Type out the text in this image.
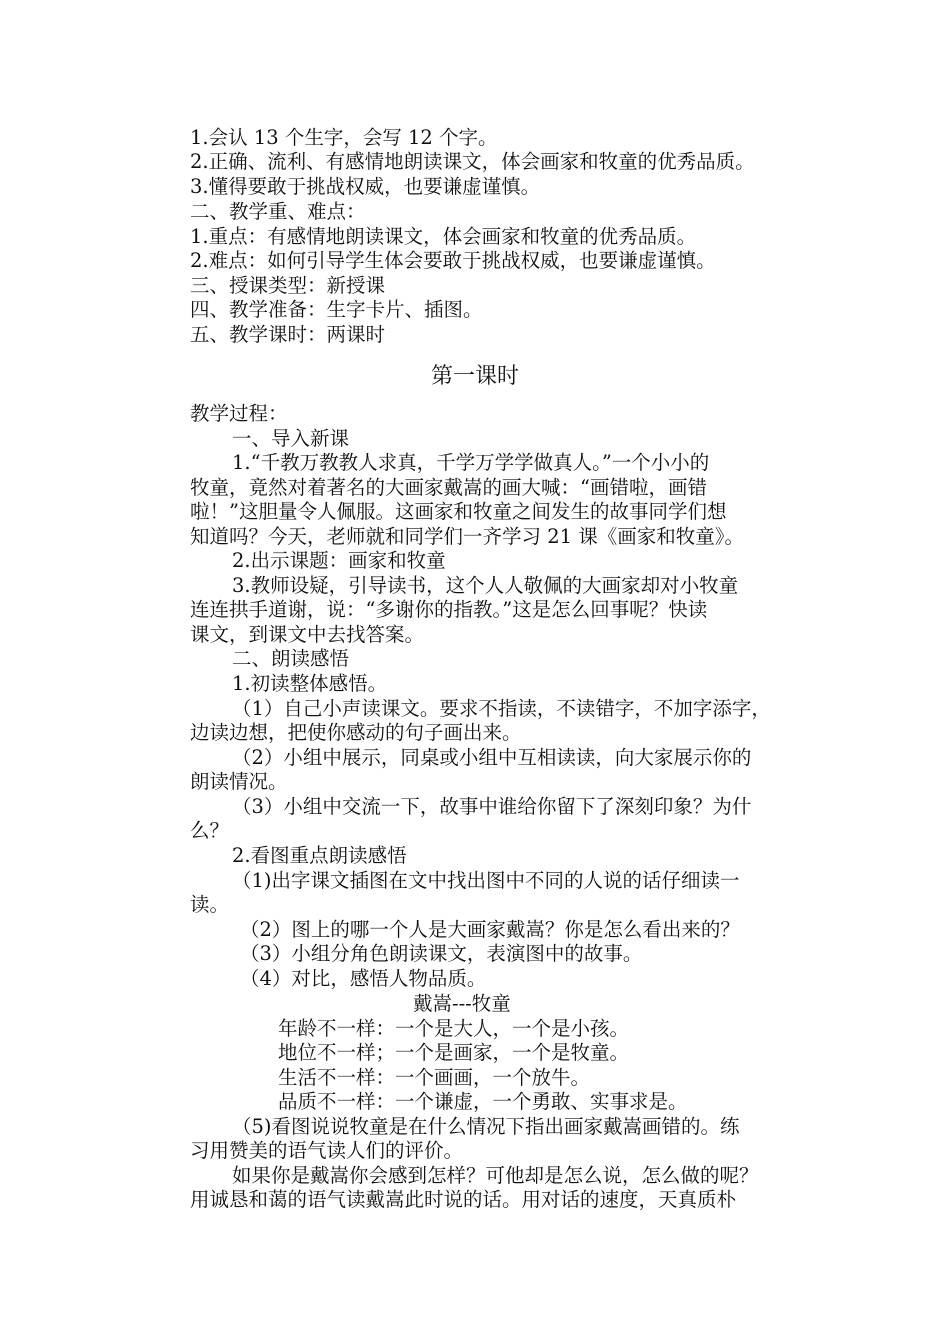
1.会认 13 个生字，会写 12 个字。
2.正确、流利、有感情地朗读课文，体会画家和牧童的优秀品质。
3.懂得要敢于挑战权威，也要谦虚谨慎。
二、教学重、难点：
1.重点：有感情地朗读课文，体会画家和牧童的优秀品质。
2.难点：如何引导学生体会要敢于挑战权威，也要谦虚谨慎。
三、授课类型：新授课
四、教学准备：生字卡片、插图。
五、教学课时：两课时
第一课时
教学过程：
一、导入新课
1.“千教万教教人求真，千学万学学做真人。”一个小小的
牧童，竟然对着著名的大画家戴嵩的画大喊：“画错啦，画错
啦！”这胆量令人佩服。这画家和牧童之间发生的故事同学们想
知道吗？今天，老师就和同学们一齐学习 21 课《画家和牧童》。
2.出示课题：画家和牧童
3.教师设疑，引导读书，这个人人敬佩的大画家却对小牧童
连连拱手道谢，说：“多谢你的指教。”这是怎么回事呢？快读
课文，到课文中去找答案。
二、朗读感悟
1.初读整体感悟。
（1）自己小声读课文。要求不指读，不读错字，不加字添字，
边读边想，把使你感动的句子画出来。
（2）小组中展示，同桌或小组中互相读读，向大家展示你的
朗读情况。
（3）小组中交流一下，故事中谁给你留下了深刻印象？为什
么？
2.看图重点朗读感悟
（1)出字课文插图在文中找出图中不同的人说的话仔细读一
读。
（2）图上的哪一个人是大画家戴嵩？你是怎么看出来的？
（3）小组分角色朗读课文，表演图中的故事。
（4）对比，感悟人物品质。
戴嵩---牧童
年龄不一样：一个是大人，一个是小孩。
地位不一样；一个是画家，一个是牧童。
生活不一样：一个画画，一个放牛。
品质不一样：一个谦虚，一个勇敢、实事求是。
（5)看图说说牧童是在什么情况下指出画家戴嵩画错的。练
习用赞美的语气读人们的评价。
如果你是戴嵩你会感到怎样？可他却是怎么说，怎么做的呢？
用诚恳和蔼的语气读戴嵩此时说的话。用对话的速度，天真质朴
